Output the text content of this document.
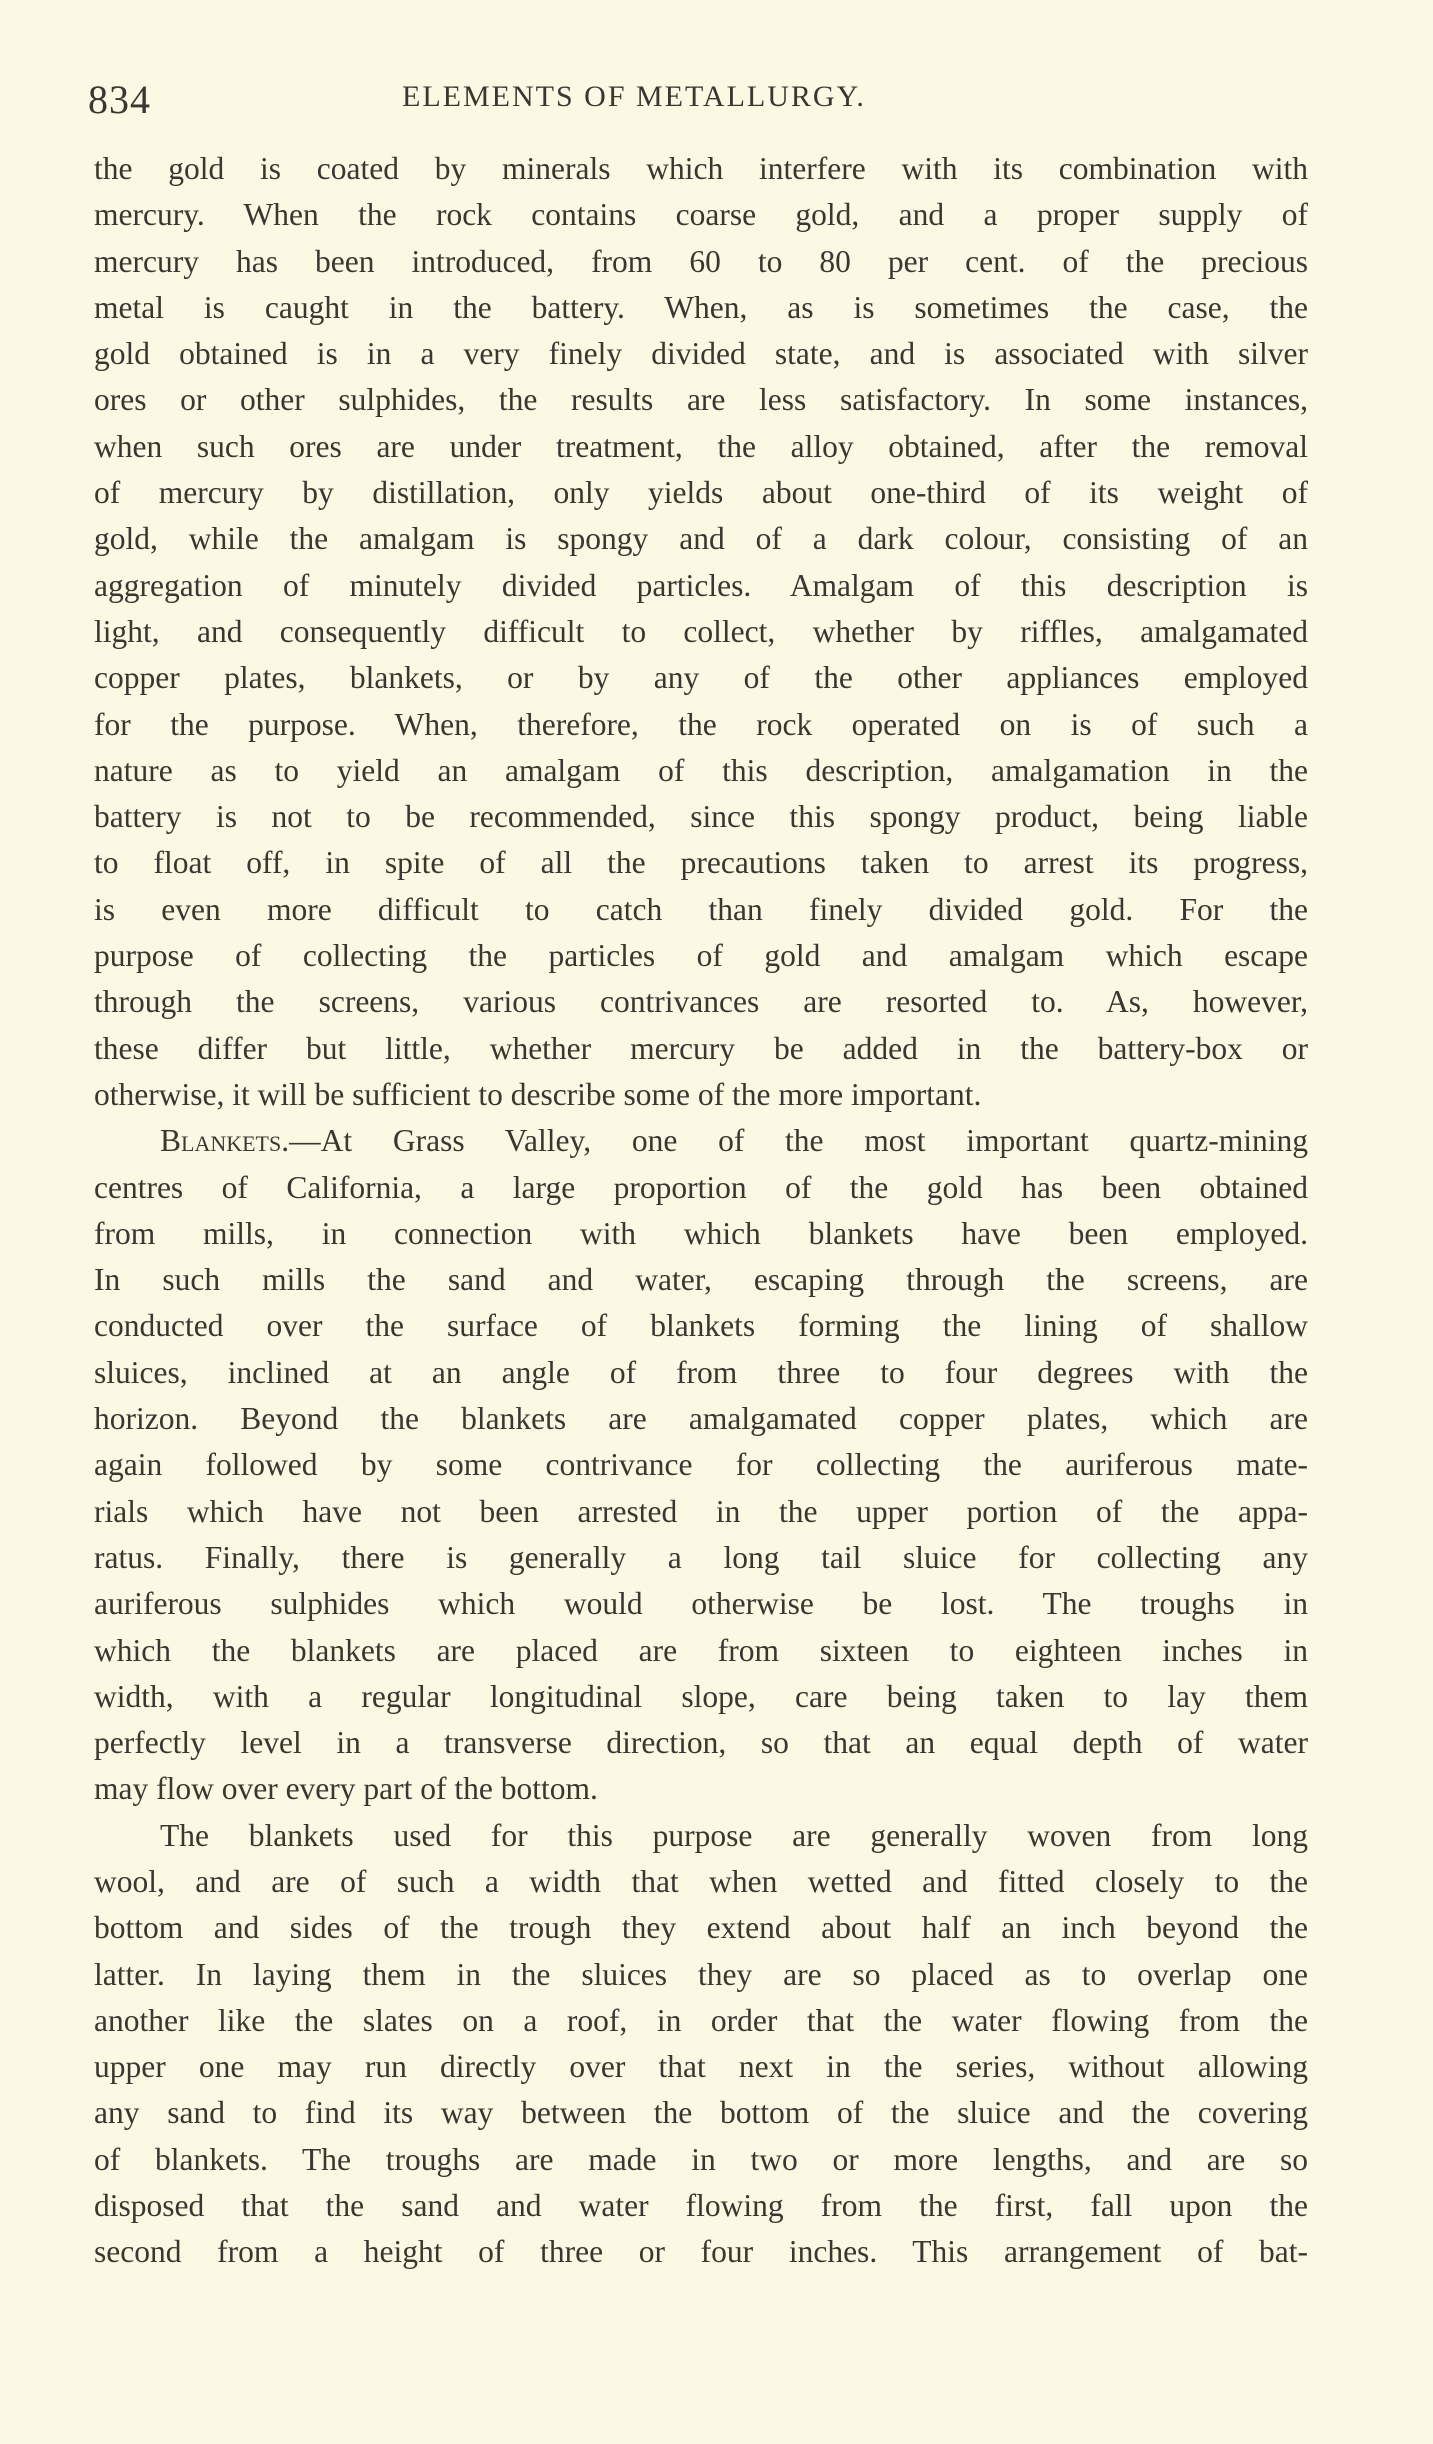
834	ELEMENTS OF METALLURGY.
the gold is coated by minerals which interfere with its combination with
mercury. When the rock contains coarse gold, and a proper supply of
mercury has been introduced, from 60 to 80 per cent. of the precious
metal is caught in the battery. When, as is sometimes the case, the
gold obtained is in a very finely divided state, and is associated with silver
ores or other sulphides, the results are less satisfactory. In some instances,
when such ores are under treatment, the alloy obtained, after the removal
of mercury by distillation, only yields about one-third of its weight of
gold, while the amalgam is spongy and of a dark colour, consisting of an
aggregation of minutely divided particles. Amalgam of this description is
light, and consequently difficult to collect, whether by riffles, amalgamated
copper plates, blankets, or by any of the other appliances employed
for the purpose. When, therefore, the rock operated on is of such a
nature as to yield an amalgam of this description, amalgamation in the
battery is not to be recommended, since this spongy product, being liable
to float off, in spite of all the precautions taken to arrest its progress,
is even more difficult to catch than finely divided gold. For the
purpose of collecting the particles of gold and amalgam which escape
through the screens, various contrivances are resorted to. As, however,
these differ but little, whether mercury be added in the battery-box or
otherwise, it will be sufficient to describe some of the more important.
Blankets.—At Grass Valley, one of the most important quartz-mining
centres of California, a large proportion of the gold has been obtained
from mills, in connection with which blankets have been employed.
In such mills the sand and water, escaping through the screens, are
conducted over the surface of blankets forming the lining of shallow
sluices, inclined at an angle of from three to four degrees with the
horizon. Beyond the blankets are amalgamated copper plates, which are
again followed by some contrivance for collecting the auriferous mate-
rials which have not been arrested in the upper portion of the appa-
ratus. Finally, there is generally a long tail sluice for collecting any
auriferous sulphides which would otherwise be lost. The troughs in
which the blankets are placed are from sixteen to eighteen inches in
width, with a regular longitudinal slope, care being taken to lay them
perfectly level in a transverse direction, so that an equal depth of water
may flow over every part of the bottom.
The blankets used for this purpose are generally woven from long
wool, and are of such a width that when wetted and fitted closely to the
bottom and sides of the trough they extend about half an inch beyond the
latter. In laying them in the sluices they are so placed as to overlap one
another like the slates on a roof, in order that the water flowing from the
upper one may run directly over that next in the series, without allowing
any sand to find its way between the bottom of the sluice and the covering
of blankets. The troughs are made in two or more lengths, and are so
disposed that the sand and water flowing from the first, fall upon the
second from a height of three or four inches. This arrangement of bat-
